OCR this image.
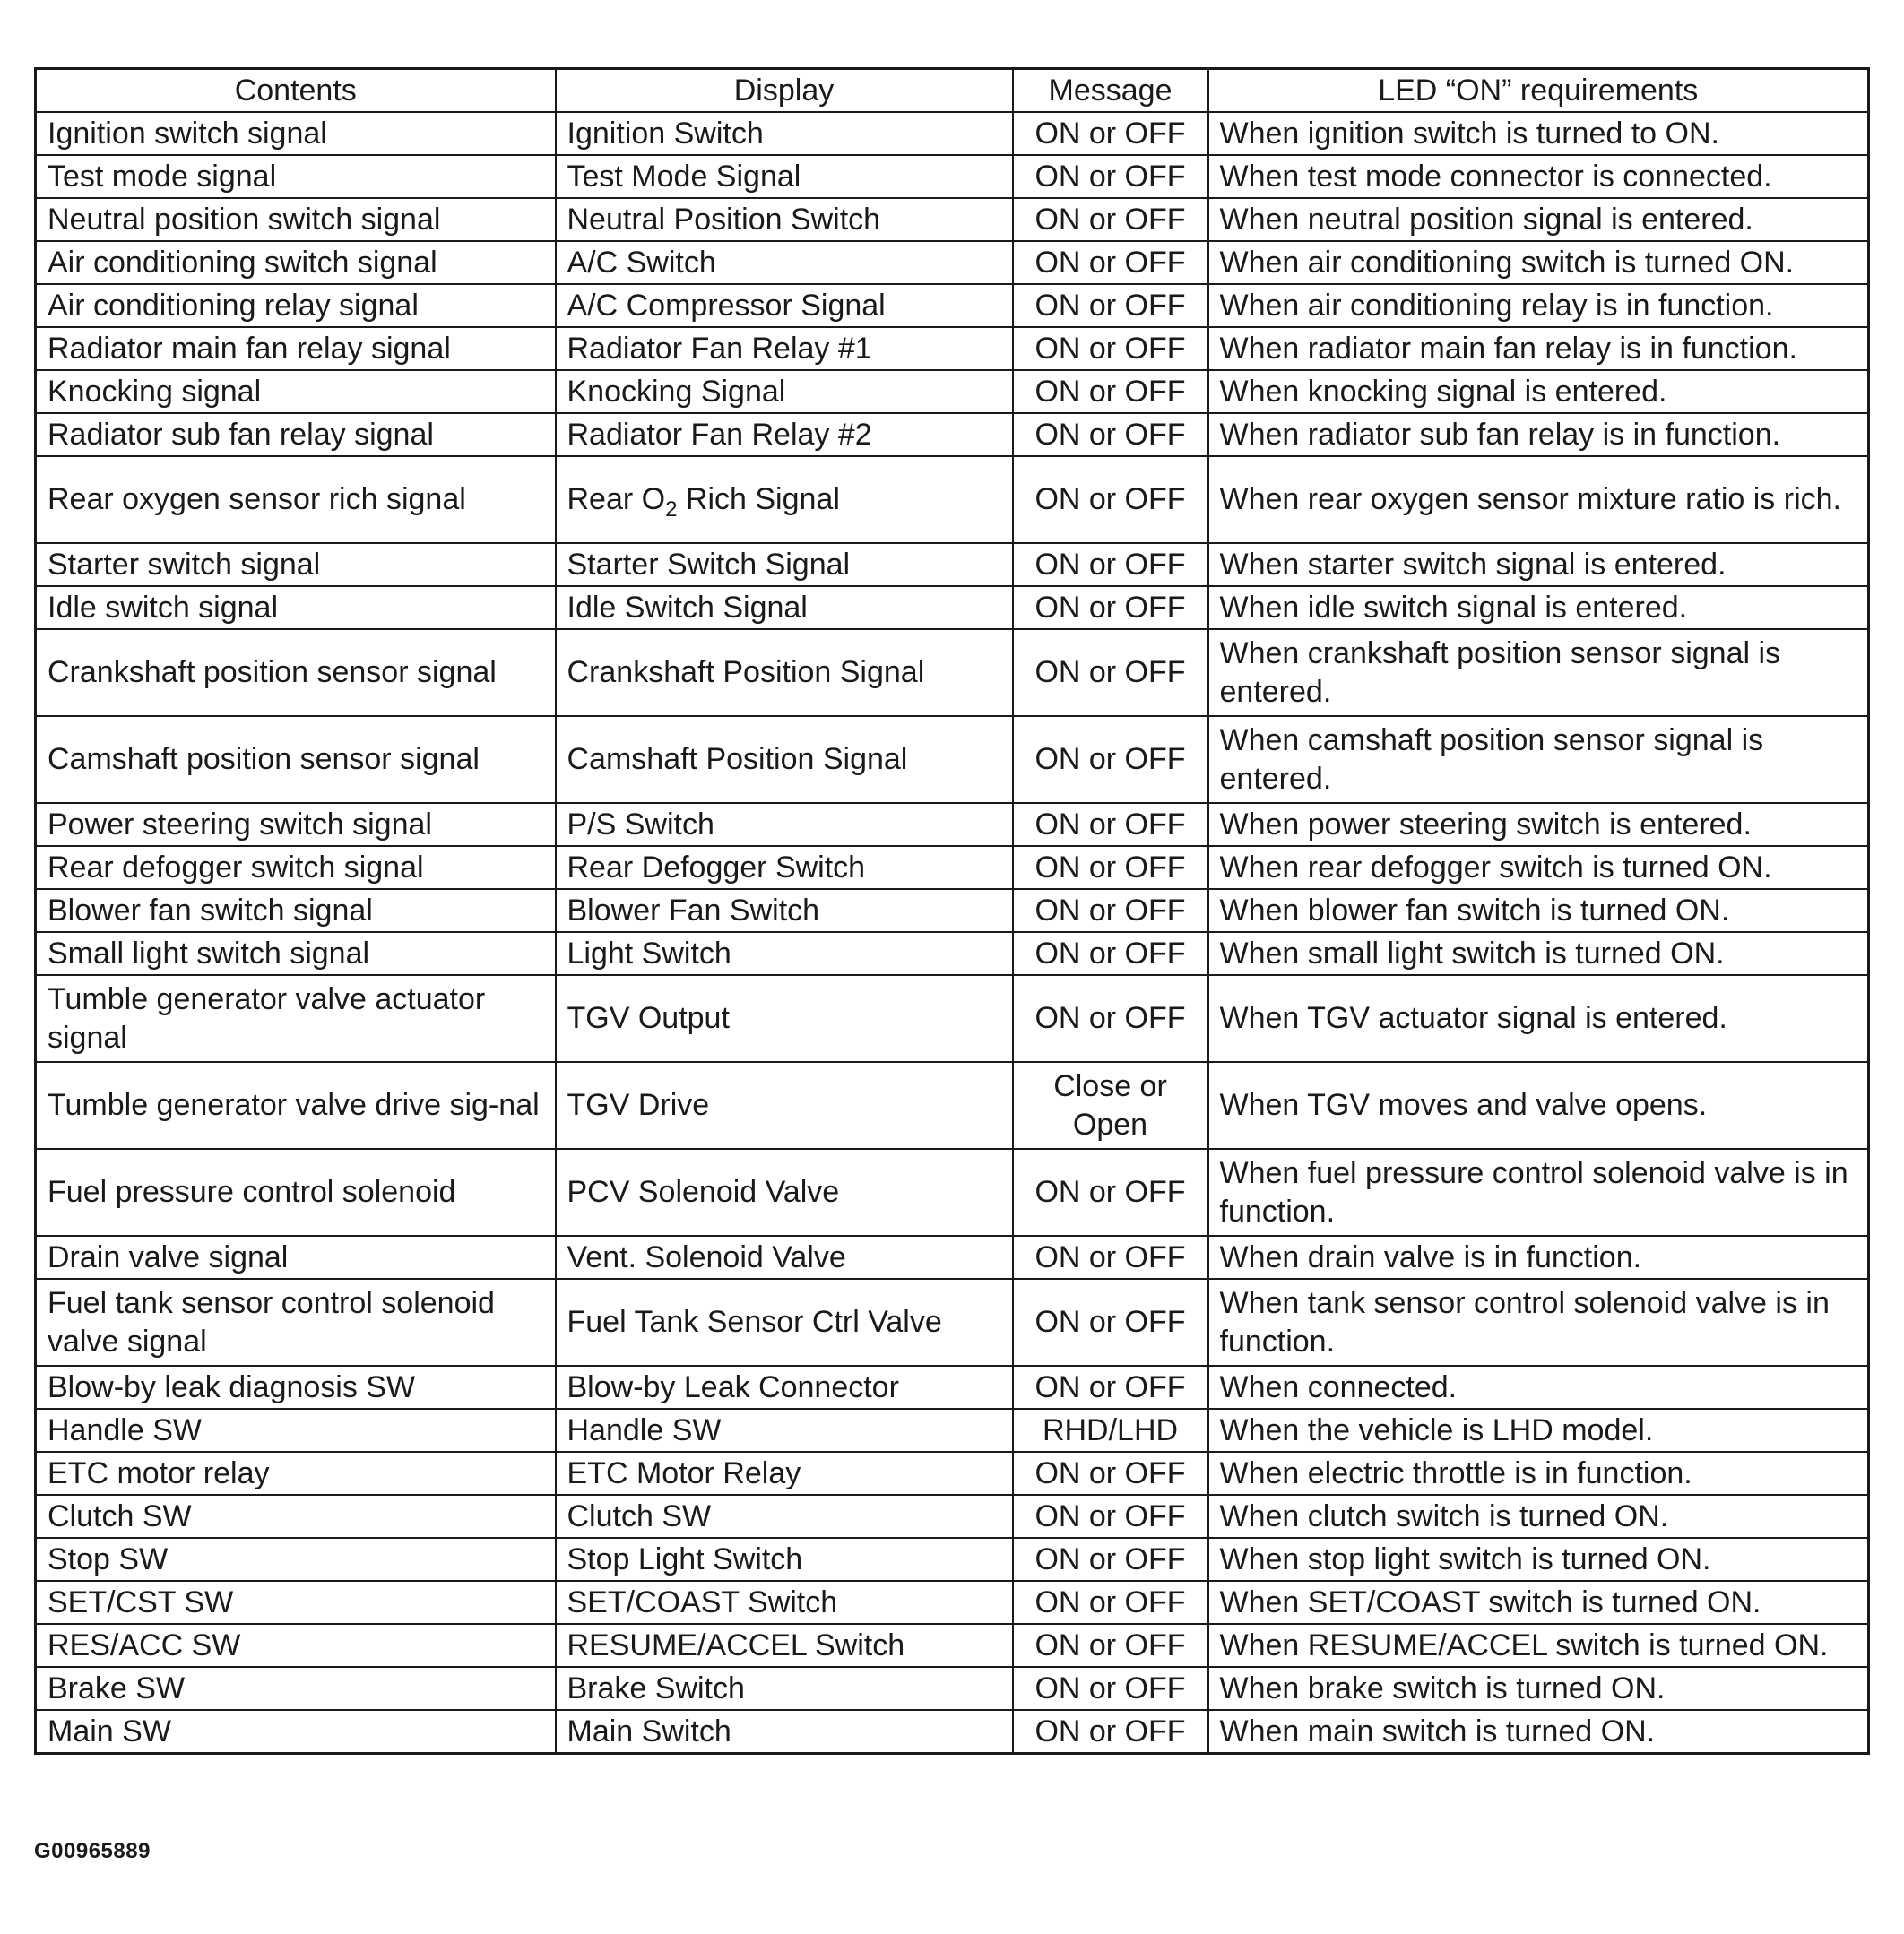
Contents	Display	Message	LED “ON” requirements
Ignition switch signal	Ignition Switch	ON or OFF	When ignition switch is turned to ON.
Test mode signal	Test Mode Signal	ON or OFF	When test mode connector is connected.
Neutral position switch signal	Neutral Position Switch	ON or OFF	When neutral position signal is entered.
Air conditioning switch signal	A/C Switch	ON or OFF	When air conditioning switch is turned ON.
Air conditioning relay signal	A/C Compressor Signal	ON or OFF	When air conditioning relay is in function.
Radiator main fan relay signal	Radiator Fan Relay #1	ON or OFF	When radiator main fan relay is in function.
Knocking signal	Knocking Signal	ON or OFF	When knocking signal is entered.
Radiator sub fan relay signal	Radiator Fan Relay #2	ON or OFF	When radiator sub fan relay is in function.
Rear oxygen sensor rich signal	Rear $O_2$ Rich Signal	ON or OFF	When rear oxygen sensor mixture ratio is rich.
Starter switch signal	Starter Switch Signal	ON or OFF	When starter switch signal is entered.
Idle switch signal	Idle Switch Signal	ON or OFF	When idle switch signal is entered.
Crankshaft position sensor signal	Crankshaft Position Signal	ON or OFF	When crankshaft position sensor signal is entered.
Camshaft position sensor signal	Camshaft Position Signal	ON or OFF	When camshaft position sensor signal is entered.
Power steering switch signal	P/S Switch	ON or OFF	When power steering switch is entered.
Rear defogger switch signal	Rear Defogger Switch	ON or OFF	When rear defogger switch is turned ON.
Blower fan switch signal	Blower Fan Switch	ON or OFF	When blower fan switch is turned ON.
Small light switch signal	Light Switch	ON or OFF	When small light switch is turned ON.
Tumble generator valve actuator signal	TGV Output	ON or OFF	When TGV actuator signal is entered.
Tumble generator valve drive sig-nal	TGV Drive	Close or Open	When TGV moves and valve opens.
Fuel pressure control solenoid	PCV Solenoid Valve	ON or OFF	When fuel pressure control solenoid valve is in function.
Drain valve signal	Vent. Solenoid Valve	ON or OFF	When drain valve is in function.
Fuel tank sensor control solenoid valve signal	Fuel Tank Sensor Ctrl Valve	ON or OFF	When tank sensor control solenoid valve is in function.
Blow-by leak diagnosis SW	Blow-by Leak Connector	ON or OFF	When connected.
Handle SW	Handle SW	RHD/LHD	When the vehicle is LHD model.
ETC motor relay	ETC Motor Relay	ON or OFF	When electric throttle is in function.
Clutch SW	Clutch SW	ON or OFF	When clutch switch is turned ON.
Stop SW	Stop Light Switch	ON or OFF	When stop light switch is turned ON.
SET/CST SW	SET/COAST Switch	ON or OFF	When SET/COAST switch is turned ON.
RES/ACC SW	RESUME/ACCEL Switch	ON or OFF	When RESUME/ACCEL switch is turned ON.
Brake SW	Brake Switch	ON or OFF	When brake switch is turned ON.
Main SW	Main Switch	ON or OFF	When main switch is turned ON.
G00965889
